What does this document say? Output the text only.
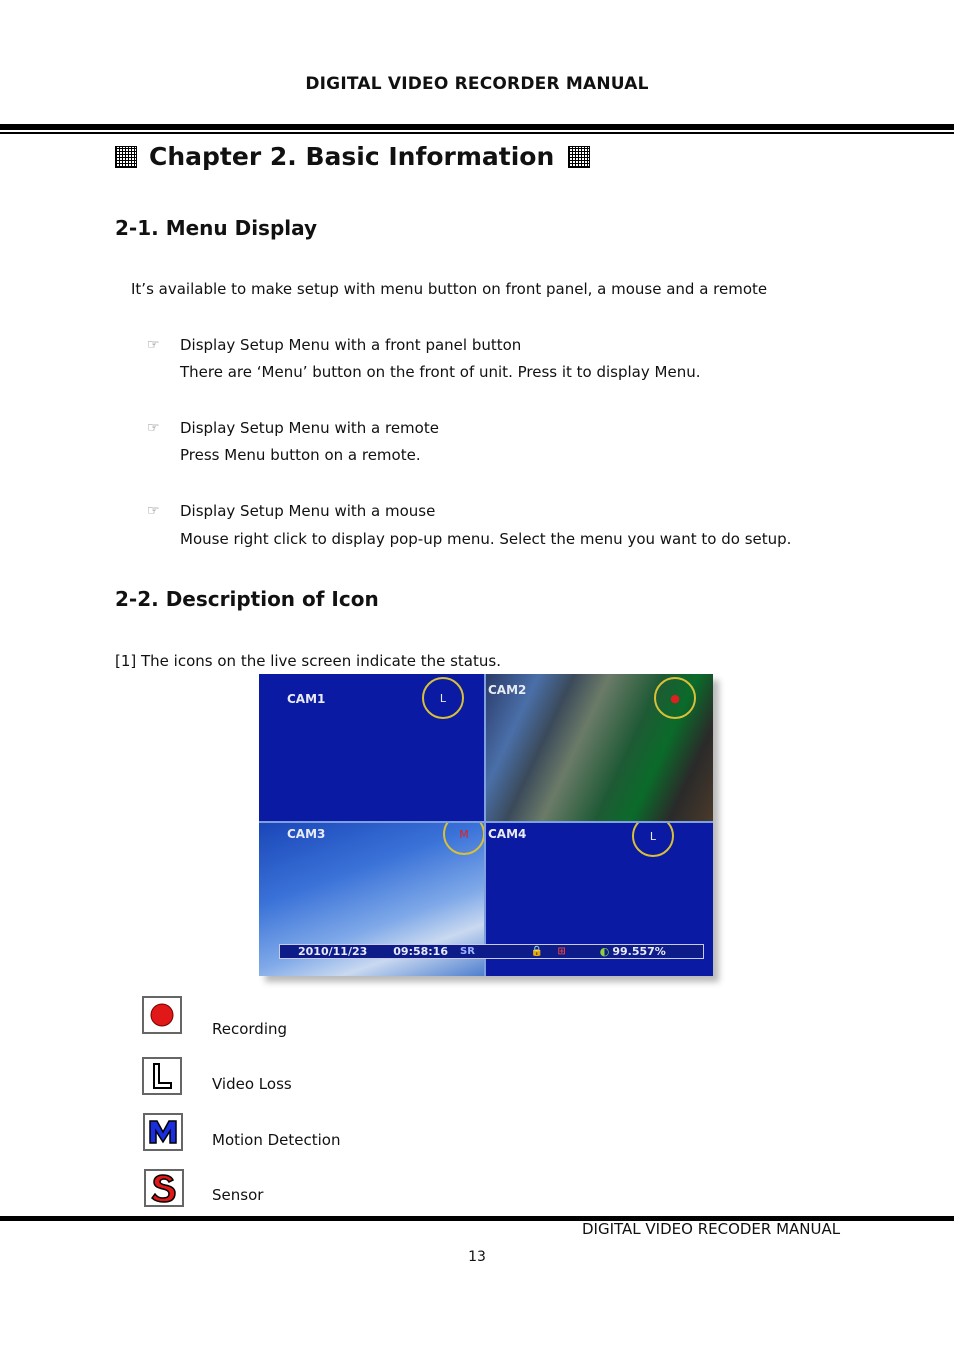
DIGITAL VIDEO RECORDER MANUAL
Chapter 2. Basic Information
2-1. Menu Display
It’s available to make setup with menu button on front panel, a mouse and a remote
☞ Display Setup Menu with a front panel button
There are ‘Menu’ button on the front of unit. Press it to display Menu.
☞ Display Setup Menu with a remote
Press Menu button on a remote.
☞ Display Setup Menu with a mouse
Mouse right click to display pop-up menu. Select the menu you want to do setup.
2-2. Description of Icon
[1] The icons on the live screen indicate the status.
CAM1	L
CAM2
●
CAM3	M	CAM4	L
2010/11/23 09:58:16 SR	🔒 ⊞	◐ 99.557%
Recording
Video Loss
Motion Detection
Sensor
DIGITAL VIDEO RECODER MANUAL
13
